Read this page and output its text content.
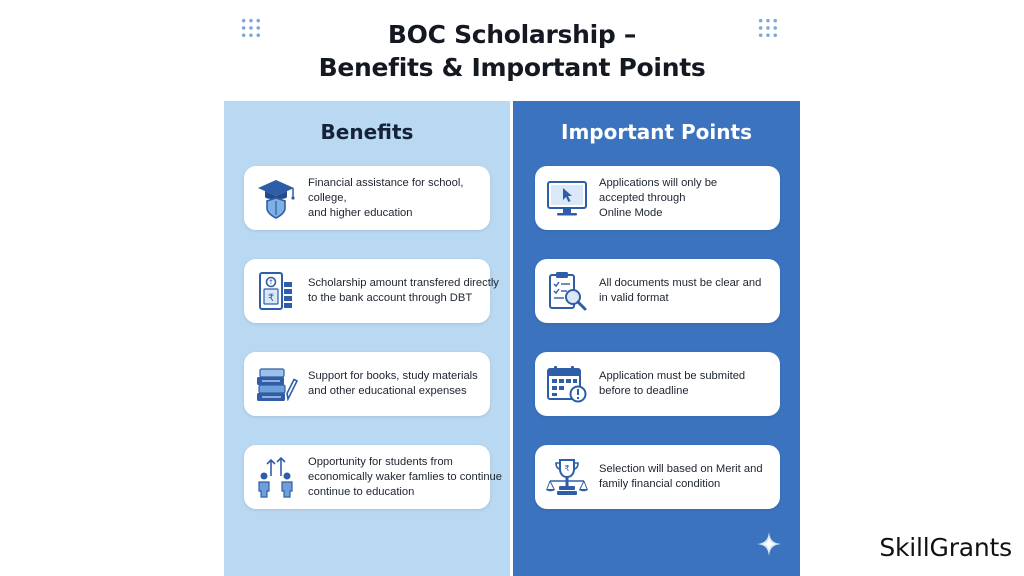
BOC Scholarship –
Benefits & Important Points
Benefits	Important Points
Financial assistance for school, college,
and higher education
↑
₹
Scholarship amount transfered directly
to the bank account through DBT
Support for books, study materials
and other educational expenses
Opportunity for students from
economically waker famlies to continue
continue to education
Applications will only be
accepted through
Online Mode
All documents must be clear and
in valid format
Application must be submited
before to deadline
₹	Selection will based on Merit and
family financial condition
SkillGrants
